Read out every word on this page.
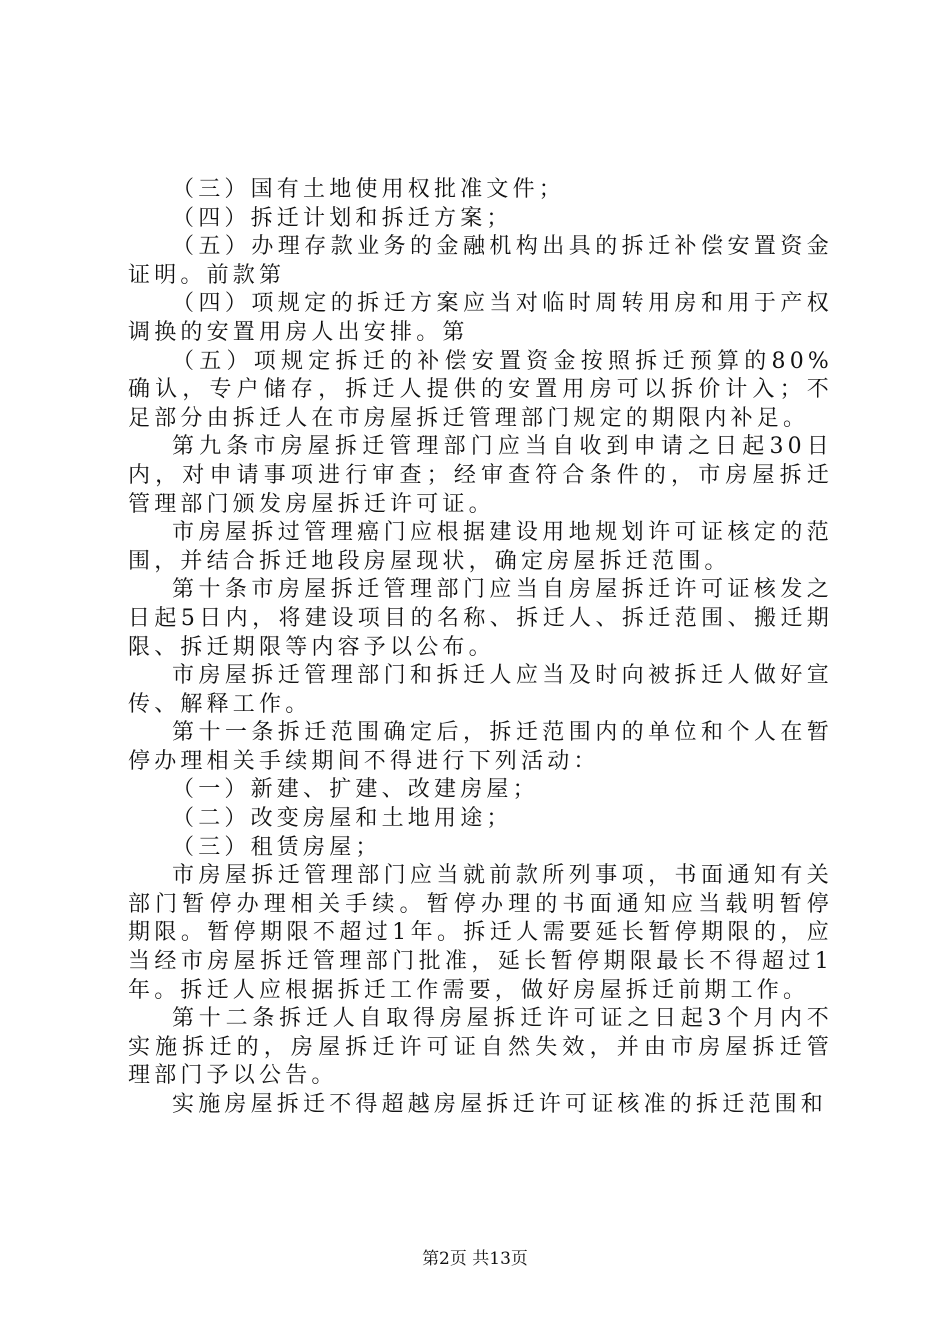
（三）国有土地使用权批准文件；

（四）拆迁计划和拆迁方案；

（五）办理存款业务的金融机构出具的拆迁补偿安置资金证明。前款第

（四）项规定的拆迁方案应当对临时周转用房和用于产权调换的安置用房人出安排。第

（五）项规定拆迁的补偿安置资金按照拆迁预算的80%确认，专户储存，拆迁人提供的安置用房可以拆价计入；不足部分由拆迁人在市房屋拆迁管理部门规定的期限内补足。

第九条市房屋拆迁管理部门应当自收到申请之日起30日内，对申请事项进行审查；经审查符合条件的，市房屋拆迁管理部门颁发房屋拆迁许可证。

市房屋拆过管理癌门应根据建设用地规划许可证核定的范围，并结合拆迁地段房屋现状，确定房屋拆迁范围。

第十条市房屋拆迁管理部门应当自房屋拆迁许可证核发之日起5日内，将建设项目的名称、拆迁人、拆迁范围、搬迁期限、拆迁期限等内容予以公布。

市房屋拆迁管理部门和拆迁人应当及时向被拆迁人做好宣传、解释工作。

第十一条拆迁范围确定后，拆迁范围内的单位和个人在暂停办理相关手续期间不得进行下列活动：

（一）新建、扩建、改建房屋；

（二）改变房屋和土地用途；

（三）租赁房屋；

市房屋拆迁管理部门应当就前款所列事项，书面通知有关部门暂停办理相关手续。暂停办理的书面通知应当载明暂停期限。暂停期限不超过1年。拆迁人需要延长暂停期限的，应当经市房屋拆迁管理部门批准，延长暂停期限最长不得超过1年。拆迁人应根据拆迁工作需要，做好房屋拆迁前期工作。

第十二条拆迁人自取得房屋拆迁许可证之日起3个月内不实施拆迁的，房屋拆迁许可证自然失效，并由市房屋拆迁管理部门予以公告。

实施房屋拆迁不得超越房屋拆迁许可证核准的拆迁范围和

第2页 共13页
